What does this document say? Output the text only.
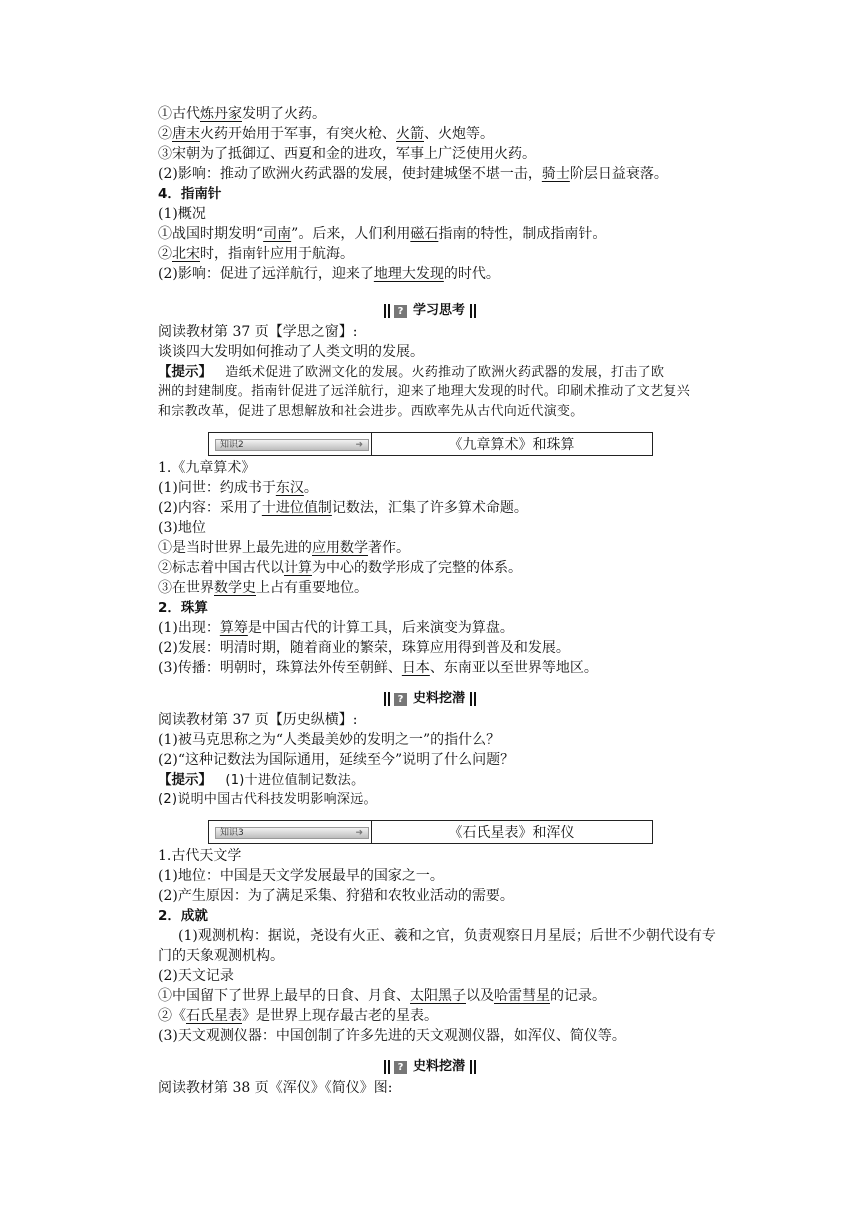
①古代炼丹家发明了火药。
②唐末火药开始用于军事，有突火枪、火箭、火炮等。
③宋朝为了抵御辽、西夏和金的进攻，军事上广泛使用火药。
(2)影响：推动了欧洲火药武器的发展，使封建城堡不堪一击，骑士阶层日益衰落。
4．指南针
(1)概况
①战国时期发明“司南”。后来，人们利用磁石指南的特性，制成指南针。
②北宋时，指南针应用于航海。
(2)影响：促进了远洋航行，迎来了地理大发现的时代。
? 学习思考
阅读教材第 37 页【学思之窗】:
谈谈四大发明如何推动了人类文明的发展。
【提示】 造纸术促进了欧洲文化的发展。火药推动了欧洲火药武器的发展，打击了欧
洲的封建制度。指南针促进了远洋航行，迎来了地理大发现的时代。印刷术推动了文艺复兴
和宗教改革，促进了思想解放和社会进步。西欧率先从古代向近代演变。
知识2	➜	《九章算术》和珠算
1.《九章算术》
(1)问世：约成书于东汉。
(2)内容：采用了十进位值制记数法，汇集了许多算术命题。
(3)地位
①是当时世界上最先进的应用数学著作。
②标志着中国古代以计算为中心的数学形成了完整的体系。
③在世界数学史上占有重要地位。
2．珠算
(1)出现：算筹是中国古代的计算工具，后来演变为算盘。
(2)发展：明清时期，随着商业的繁荣，珠算应用得到普及和发展。
(3)传播：明朝时，珠算法外传至朝鲜、日本、东南亚以至世界等地区。
? 史料挖潜
阅读教材第 37 页【历史纵横】:
(1)被马克思称之为“人类最美妙的发明之一”的指什么？
(2)“这种记数法为国际通用，延续至今”说明了什么问题？
【提示】 (1)十进位值制记数法。
(2)说明中国古代科技发明影响深远。
知识3	➜	《石氏星表》和浑仪
1.古代天文学
(1)地位：中国是天文学发展最早的国家之一。
(2)产生原因：为了满足采集、狩猎和农牧业活动的需要。
2．成就
(1)观测机构：据说，尧设有火正、羲和之官，负责观察日月星辰；后世不少朝代设有专
门的天象观测机构。
(2)天文记录
①中国留下了世界上最早的日食、月食、太阳黑子以及哈雷彗星的记录。
②《石氏星表》是世界上现存最古老的星表。
(3)天文观测仪器：中国创制了许多先进的天文观测仪器，如浑仪、简仪等。
? 史料挖潜
阅读教材第 38 页《浑仪》《简仪》图:
